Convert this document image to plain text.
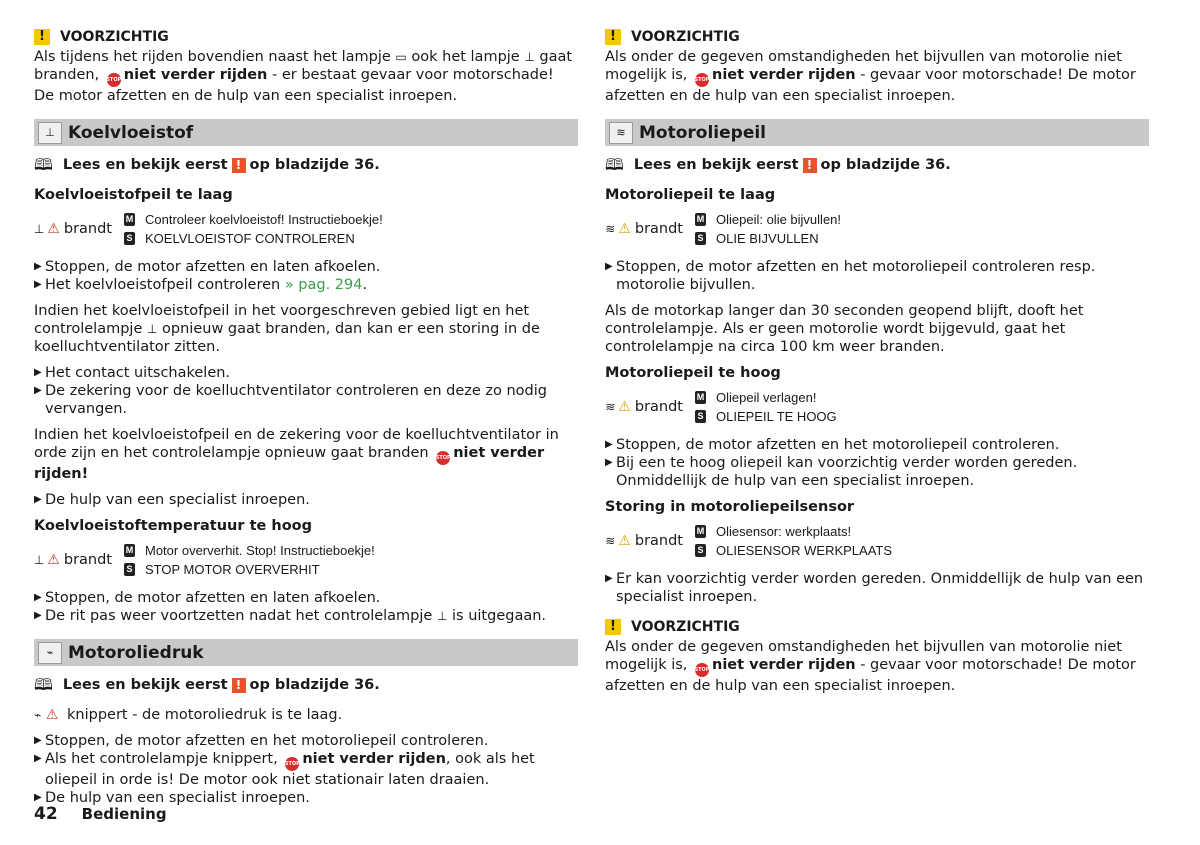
!	VOORZICHTIG

Als tijdens het rijden bovendien naast het lampje ▭ ook het lampje ⊥ gaat branden, STOP niet verder rijden - er bestaat gevaar voor motorschade! De motor afzetten en de hulp van een specialist inroepen.

⊥ Koelvloeistof
🕮 Lees en bekijk eerst ! op bladzijde 36.
Koelvloeistofpeil te laag
⊥ ⚠ brandt
M Controleer koelvloeistof! Instructieboekje!
S KOELVLOEISTOF CONTROLEREN
▶ Stoppen, de motor afzetten en laten afkoelen.
▶ Het koelvloeistofpeil controleren » pag. 294.

Indien het koelvloeistofpeil in het voorgeschreven gebied ligt en het controlelampje ⊥ opnieuw gaat branden, dan kan er een storing in de koelluchtventilator zitten.

▶ Het contact uitschakelen.
▶ De zekering voor de koelluchtventilator controleren en deze zo nodig vervangen.

Indien het koelvloeistofpeil en de zekering voor de koelluchtventilator in orde zijn en het controlelampje opnieuw gaat branden STOP niet verder rijden!

▶ De hulp van een specialist inroepen.
Koelvloeistoftemperatuur te hoog
⊥ ⚠ brandt
M Motor oververhit. Stop! Instructieboekje!
S STOP MOTOR OVERVERHIT
▶ Stoppen, de motor afzetten en laten afkoelen.
▶ De rit pas weer voortzetten nadat het controlelampje ⊥ is uitgegaan.
⌁ Motoroliedruk
🕮 Lees en bekijk eerst ! op bladzijde 36.

⌁ ⚠ knippert - de motoroliedruk is te laag.

▶ Stoppen, de motor afzetten en het motoroliepeil controleren.
▶ Als het controlelampje knippert, STOP niet verder rijden, ook als het oliepeil in orde is! De motor ook niet stationair laten draaien.
▶ De hulp van een specialist inroepen.
!	VOORZICHTIG

Als onder de gegeven omstandigheden het bijvullen van motorolie niet mogelijk is, STOP niet verder rijden - gevaar voor motorschade! De motor afzetten en de hulp van een specialist inroepen.

≋ Motoroliepeil
🕮 Lees en bekijk eerst ! op bladzijde 36.
Motoroliepeil te laag
≋ ⚠ brandt
M Oliepeil: olie bijvullen!
S OLIE BIJVULLEN
▶ Stoppen, de motor afzetten en het motoroliepeil controleren resp. motorolie bijvullen.

Als de motorkap langer dan 30 seconden geopend blijft, dooft het controlelampje. Als er geen motorolie wordt bijgevuld, gaat het controlelampje na circa 100 km weer branden.

Motoroliepeil te hoog
≋ ⚠ brandt
M Oliepeil verlagen!
S OLIEPEIL TE HOOG
▶ Stoppen, de motor afzetten en het motoroliepeil controleren.
▶ Bij een te hoog oliepeil kan voorzichtig verder worden gereden. Onmiddellijk de hulp van een specialist inroepen.
Storing in motoroliepeilsensor
≋ ⚠ brandt
M Oliesensor: werkplaats!
S OLIESENSOR WERKPLAATS
▶ Er kan voorzichtig verder worden gereden. Onmiddellijk de hulp van een specialist inroepen.
!	VOORZICHTIG

Als onder de gegeven omstandigheden het bijvullen van motorolie niet mogelijk is, STOP niet verder rijden - gevaar voor motorschade! De motor afzetten en de hulp van een specialist inroepen.

42 Bediening
